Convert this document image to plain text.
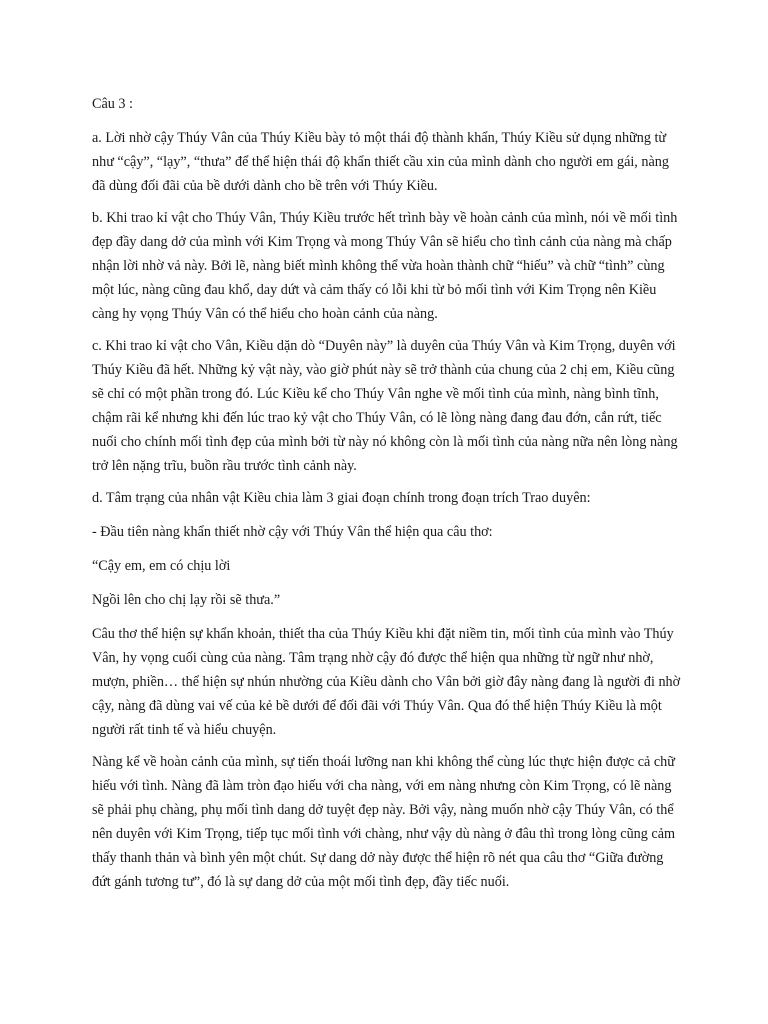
Câu 3 :

a. Lời nhờ cậy Thúy Vân của Thúy Kiều bày tỏ một thái độ thành khẩn, Thúy Kiều sử dụng những từ như “cậy”, “lạy”, “thưa” để thể hiện thái độ khẩn thiết cầu xin của mình dành cho người em gái, nàng đã dùng đối đãi của bề dưới dành cho bề trên với Thúy Kiều.

b. Khi trao kỉ vật cho Thúy Vân, Thúy Kiều trước hết trình bày về hoàn cảnh của mình, nói về mối tình đẹp đầy dang dở của mình với Kim Trọng và mong Thúy Vân sẽ hiểu cho tình cảnh của nàng mà chấp nhận lời nhờ vả này. Bởi lẽ, nàng biết mình không thể vừa hoàn thành chữ “hiếu” và chữ “tình” cùng một lúc, nàng cũng đau khổ, day dứt và cảm thấy có lỗi khi từ bỏ mối tình với Kim Trọng nên Kiều càng hy vọng Thúy Vân có thể hiểu cho hoàn cảnh của nàng.

c. Khi trao kỉ vật cho Vân, Kiều dặn dò “Duyên này” là duyên của Thúy Vân và Kim Trọng, duyên với Thúy Kiều đã hết. Những kỷ vật này, vào giờ phút này sẽ trở thành của chung của 2 chị em, Kiều cũng sẽ chỉ có một phần trong đó. Lúc Kiều kể cho Thúy Vân nghe về mối tình của mình, nàng bình tĩnh, chậm rãi kể nhưng khi đến lúc trao kỷ vật cho Thúy Vân, có lẽ lòng nàng đang đau đớn, cắn rứt, tiếc nuối cho chính mối tình đẹp của mình bởi từ này nó không còn là mối tình của nàng nữa nên lòng nàng trở lên nặng trĩu, buồn rầu trước tình cảnh này.

d. Tâm trạng của nhân vật Kiều chia làm 3 giai đoạn chính trong đoạn trích Trao duyên:

- Đầu tiên nàng khẩn thiết nhờ cậy với Thúy Vân thể hiện qua câu thơ:

“Cậy em, em có chịu lời

Ngồi lên cho chị lạy rồi sẽ thưa.”

Câu thơ thể hiện sự khẩn khoản, thiết tha của Thúy Kiều khi đặt niềm tin, mối tình của mình vào Thúy Vân, hy vọng cuối cùng của nàng. Tâm trạng nhờ cậy đó được thể hiện qua những từ ngữ như nhờ, mượn, phiền… thể hiện sự nhún nhường của Kiều dành cho Vân bởi giờ đây nàng đang là người đi nhờ cậy, nàng đã dùng vai vế của kẻ bề dưới để đối đãi với Thúy Vân. Qua đó thể hiện Thúy Kiều là một người rất tinh tế và hiểu chuyện.

Nàng kể về hoàn cảnh của mình, sự tiến thoái lưỡng nan khi không thể cùng lúc thực hiện được cả chữ hiếu với tình. Nàng đã làm tròn đạo hiếu với cha nàng, với em nàng nhưng còn Kim Trọng, có lẽ nàng sẽ phải phụ chàng, phụ mối tình dang dở tuyệt đẹp này. Bởi vậy, nàng muốn nhờ cậy Thúy Vân, có thể nên duyên với Kim Trọng, tiếp tục mối tình với chàng, như vậy dù nàng ở đâu thì trong lòng cũng cảm thấy thanh thản và bình yên một chút. Sự dang dở này được thể hiện rõ nét qua câu thơ “Giữa đường đứt gánh tương tư”, đó là sự dang dở của một mối tình đẹp, đầy tiếc nuối.
